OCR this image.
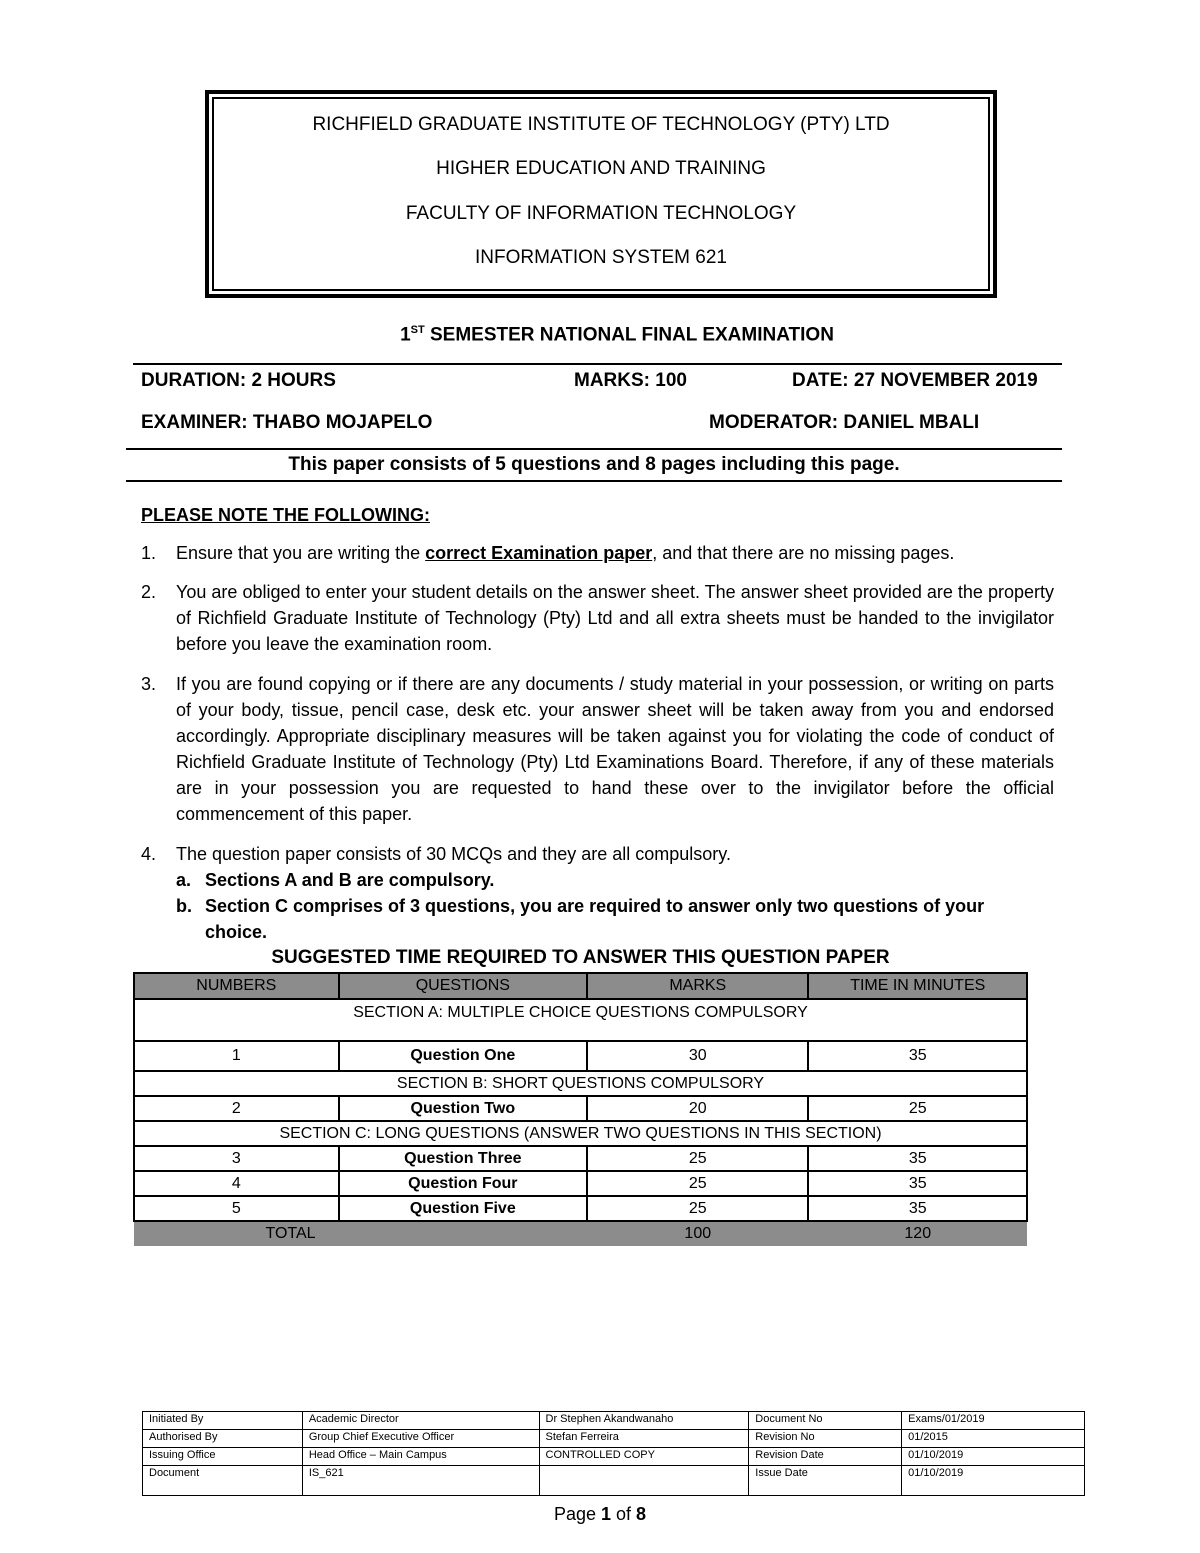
RICHFIELD GRADUATE INSTITUTE OF TECHNOLOGY (PTY) LTD
HIGHER EDUCATION AND TRAINING
FACULTY OF INFORMATION TECHNOLOGY
INFORMATION SYSTEM 621
1ST SEMESTER NATIONAL FINAL EXAMINATION
DURATION: 2 HOURS	MARKS: 100	DATE: 27 NOVEMBER 2019
EXAMINER: THABO MOJAPELO	MODERATOR: DANIEL MBALI
This paper consists of 5 questions and 8 pages including this page.
PLEASE NOTE THE FOLLOWING:
1. Ensure that you are writing the correct Examination paper, and that there are no missing pages.
2. You are obliged to enter your student details on the answer sheet. The answer sheet provided are the property of Richfield Graduate Institute of Technology (Pty) Ltd and all extra sheets must be handed to the invigilator before you leave the examination room.
3. If you are found copying or if there are any documents / study material in your possession, or writing on parts of your body, tissue, pencil case, desk etc. your answer sheet will be taken away from you and endorsed accordingly. Appropriate disciplinary measures will be taken against you for violating the code of conduct of Richfield Graduate Institute of Technology (Pty) Ltd Examinations Board. Therefore, if any of these materials are in your possession you are requested to hand these over to the invigilator before the official commencement of this paper.
4. The question paper consists of 30 MCQs and they are all compulsory.
a. Sections A and B are compulsory.
b. Section C comprises of 3 questions, you are required to answer only two questions of your choice.
SUGGESTED TIME REQUIRED TO ANSWER THIS QUESTION PAPER
NUMBERS	QUESTIONS	MARKS	TIME IN MINUTES
SECTION A: MULTIPLE CHOICE QUESTIONS COMPULSORY			
1	Question One	30	35
SECTION B: SHORT QUESTIONS COMPULSORY			
2	Question Two	20	25
SECTION C: LONG QUESTIONS (ANSWER TWO QUESTIONS IN THIS SECTION)			
3	Question Three	25	35
4	Question Four	25	35
5	Question Five	25	35
TOTAL		100	120
Initiated By	Academic Director	Dr Stephen Akandwanaho	Document No	Exams/01/2019
Authorised By	Group Chief Executive Officer	Stefan Ferreira	Revision No	01/2015
Issuing Office	Head Office – Main Campus	CONTROLLED COPY	Revision Date	01/10/2019
Document	IS_621		Issue Date	01/10/2019
Page 1 of 8
